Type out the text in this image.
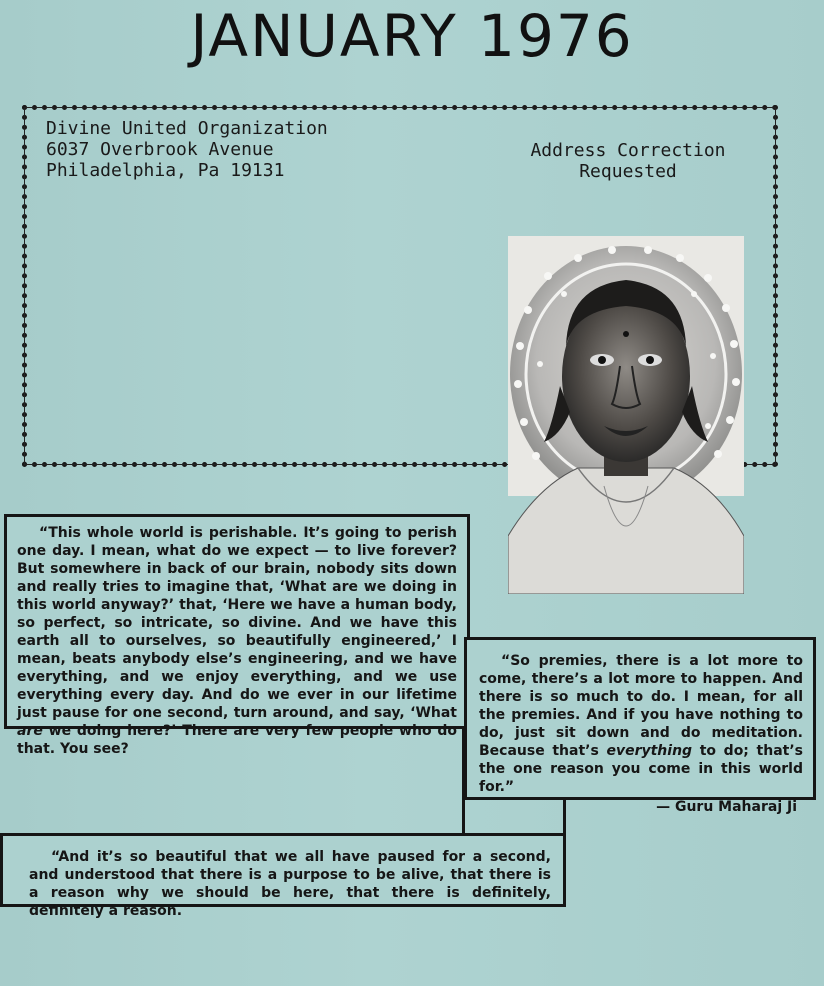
JANUARY 1976
Divine United Organization
6037 Overbrook Avenue
Philadelphia, Pa 19131
Address Correction
Requested

“This whole world is perishable. It’s going to perish one day. I mean, what do we expect — to live forever? But somewhere in back of our brain, nobody sits down and really tries to imagine that, ‘What are we doing in this world anyway?’ that, ‘Here we have a human body, so perfect, so intricate, so divine. And we have this earth all to ourselves, so beautifully engineered,’ I mean, beats anybody else’s engineering, and we have everything, and we enjoy everything, and we use everything every day. And do we ever in our lifetime just pause for one second, turn around, and say, ‘What are we doing here?’ There are very few people who do that. You see?

“So premies, there is a lot more to come, there’s a lot more to happen. And there is so much to do. I mean, for all the premies. And if you have nothing to do, just sit down and do meditation. Because that’s everything to do; that’s the one reason you come in this world for.”

— Guru Maharaj Ji

“And it’s so beautiful that we all have paused for a second, and understood that there is a purpose to be alive, that there is a reason why we should be here, that there is definitely, definitely a reason.
